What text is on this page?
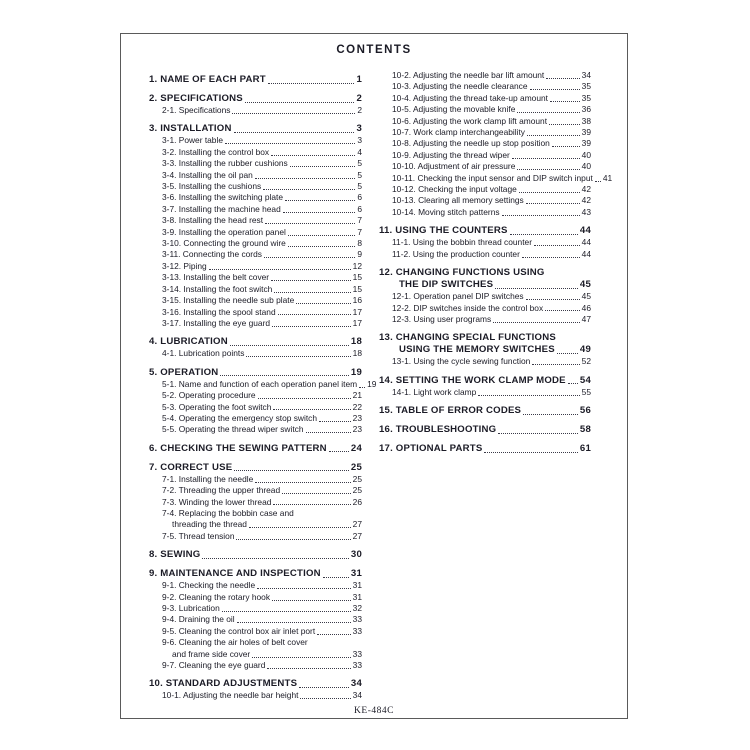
CONTENTS
1. NAME OF EACH PART	1
2. SPECIFICATIONS	2
2-1. Specifications	2
3. INSTALLATION	3
3-1. Power table	3
3-2. Installing the control box	4
3-3. Installing the rubber cushions	5
3-4. Installing the oil pan	5
3-5. Installing the cushions	5
3-6. Installing the switching plate	6
3-7. Installing the machine head	6
3-8. Installing the head rest	7
3-9. Installing the operation panel	7
3-10. Connecting the ground wire	8
3-11. Connecting the cords	9
3-12. Piping	12
3-13. Installing the belt cover	15
3-14. Installing the foot switch	15
3-15. Installing the needle sub plate	16
3-16. Installing the spool stand	17
3-17. Installing the eye guard	17
4. LUBRICATION	18
4-1. Lubrication points	18
5. OPERATION	19
5-1. Name and function of each operation panel item 19
5-2. Operating procedure	21
5-3. Operating the foot switch	22
5-4. Operating the emergency stop switch	23
5-5. Operating the thread wiper switch	23
6. CHECKING THE SEWING PATTERN	24
7. CORRECT USE	25
7-1. Installing the needle	25
7-2. Threading the upper thread	25
7-3. Winding the lower thread	26
7-4. Replacing the bobbin case and
threading the thread	27
7-5. Thread tension	27
8. SEWING	30
9. MAINTENANCE AND INSPECTION	31
9-1. Checking the needle	31
9-2. Cleaning the rotary hook	31
9-3. Lubrication	32
9-4. Draining the oil	33
9-5. Cleaning the control box air inlet port	33
9-6. Cleaning the air holes of belt cover
and frame side cover	33
9-7. Cleaning the eye guard	33
10. STANDARD ADJUSTMENTS	34
10-1. Adjusting the needle bar height	34
10-2. Adjusting the needle bar lift amount	34
10-3. Adjusting the needle clearance	35
10-4. Adjusting the thread take-up amount	35
10-5. Adjusting the movable knife	36
10-6. Adjusting the work clamp lift amount	38
10-7. Work clamp interchangeability	39
10-8. Adjusting the needle up stop position	39
10-9. Adjusting the thread wiper	40
10-10. Adjustment of air pressure	40
10-11. Checking the input sensor and DIP switch input 41
10-12. Checking the input voltage	42
10-13. Clearing all memory settings	42
10-14. Moving stitch patterns	43
11. USING THE COUNTERS	44
11-1. Using the bobbin thread counter	44
11-2. Using the production counter	44
12. CHANGING FUNCTIONS USING
THE DIP SWITCHES	45
12-1. Operation panel DIP switches	45
12-2. DIP switches inside the control box	46
12-3. Using user programs	47
13. CHANGING SPECIAL FUNCTIONS
USING THE MEMORY SWITCHES	49
13-1. Using the cycle sewing function	52
14. SETTING THE WORK CLAMP MODE 54
14-1. Light work clamp	55
15. TABLE OF ERROR CODES	56
16. TROUBLESHOOTING	58
17. OPTIONAL PARTS	61
KE-484C
